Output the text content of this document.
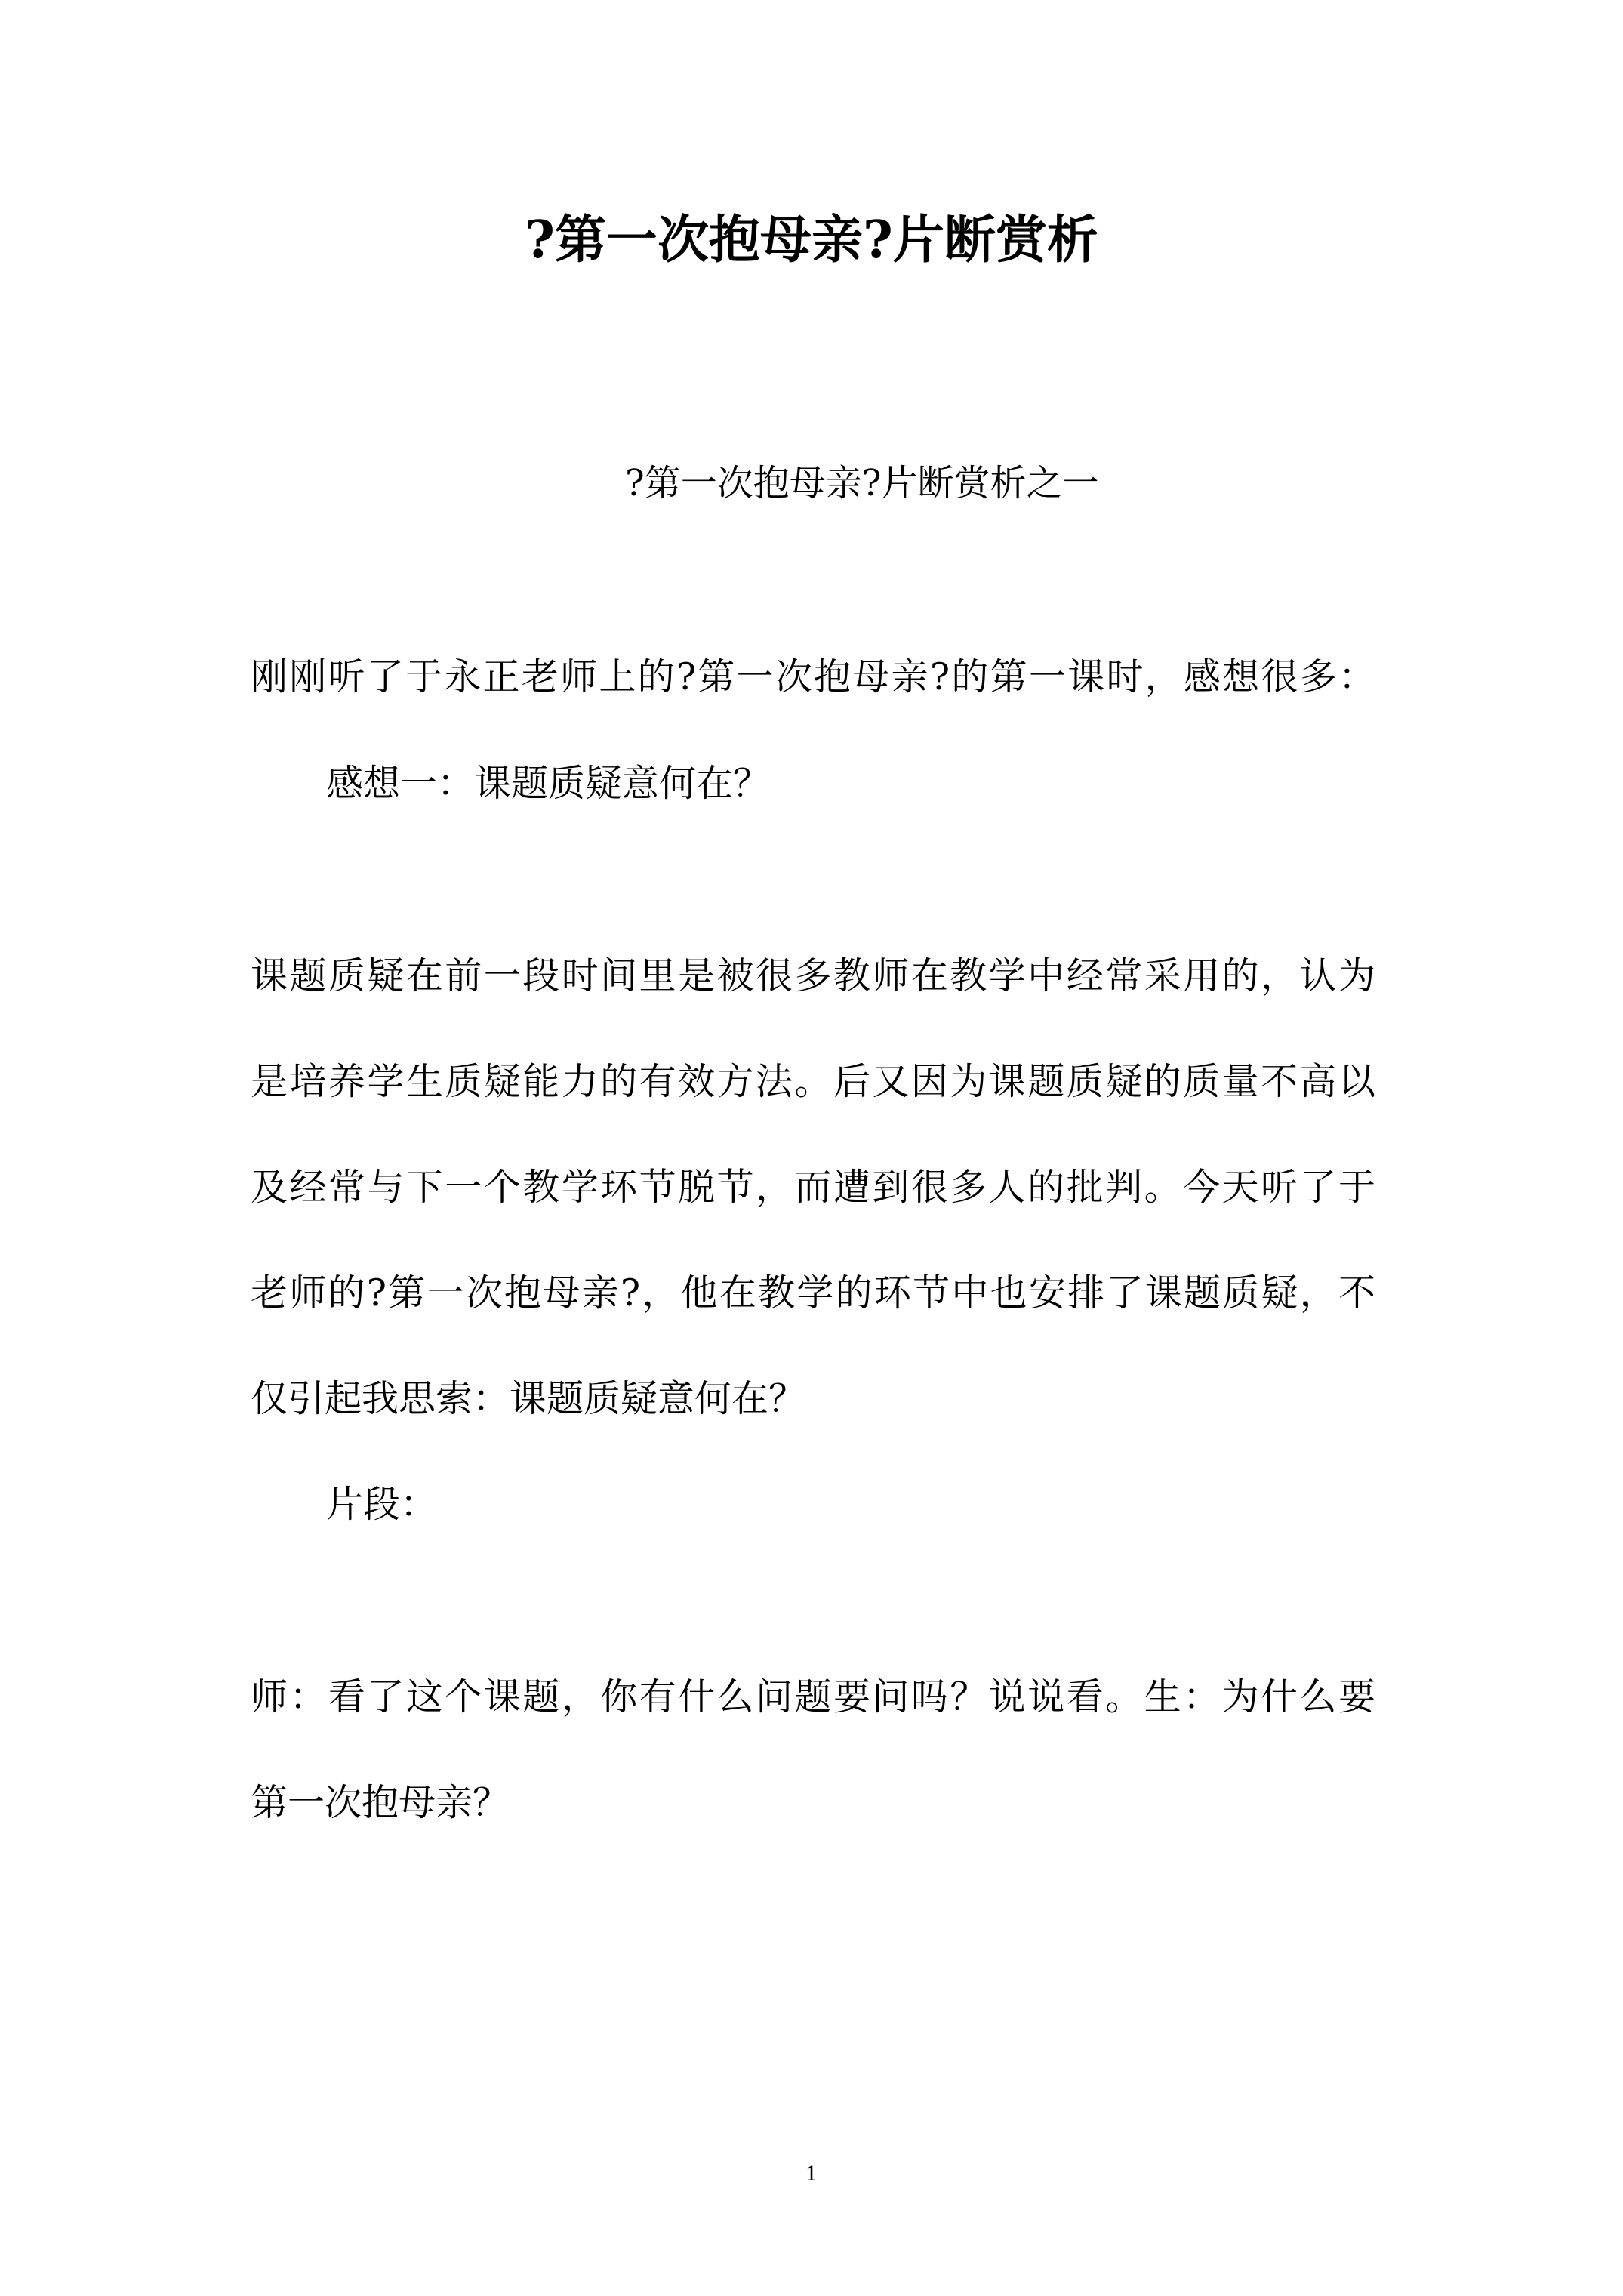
?第一次抱母亲?片断赏析
?第一次抱母亲?片断赏析之一
刚刚听了于永正老师上的?第一次抱母亲?的第一课时，感想很多：
感想一：课题质疑意何在？
课题质疑在前一段时间里是被很多教师在教学中经常采用的，认为
是培养学生质疑能力的有效方法。后又因为课题质疑的质量不高以
及经常与下一个教学环节脱节，而遭到很多人的批判。今天听了于
老师的?第一次抱母亲?，他在教学的环节中也安排了课题质疑，不
仅引起我思索：课题质疑意何在？
片段：
师：看了这个课题，你有什么问题要问吗？说说看。生：为什么要
第一次抱母亲？
1
